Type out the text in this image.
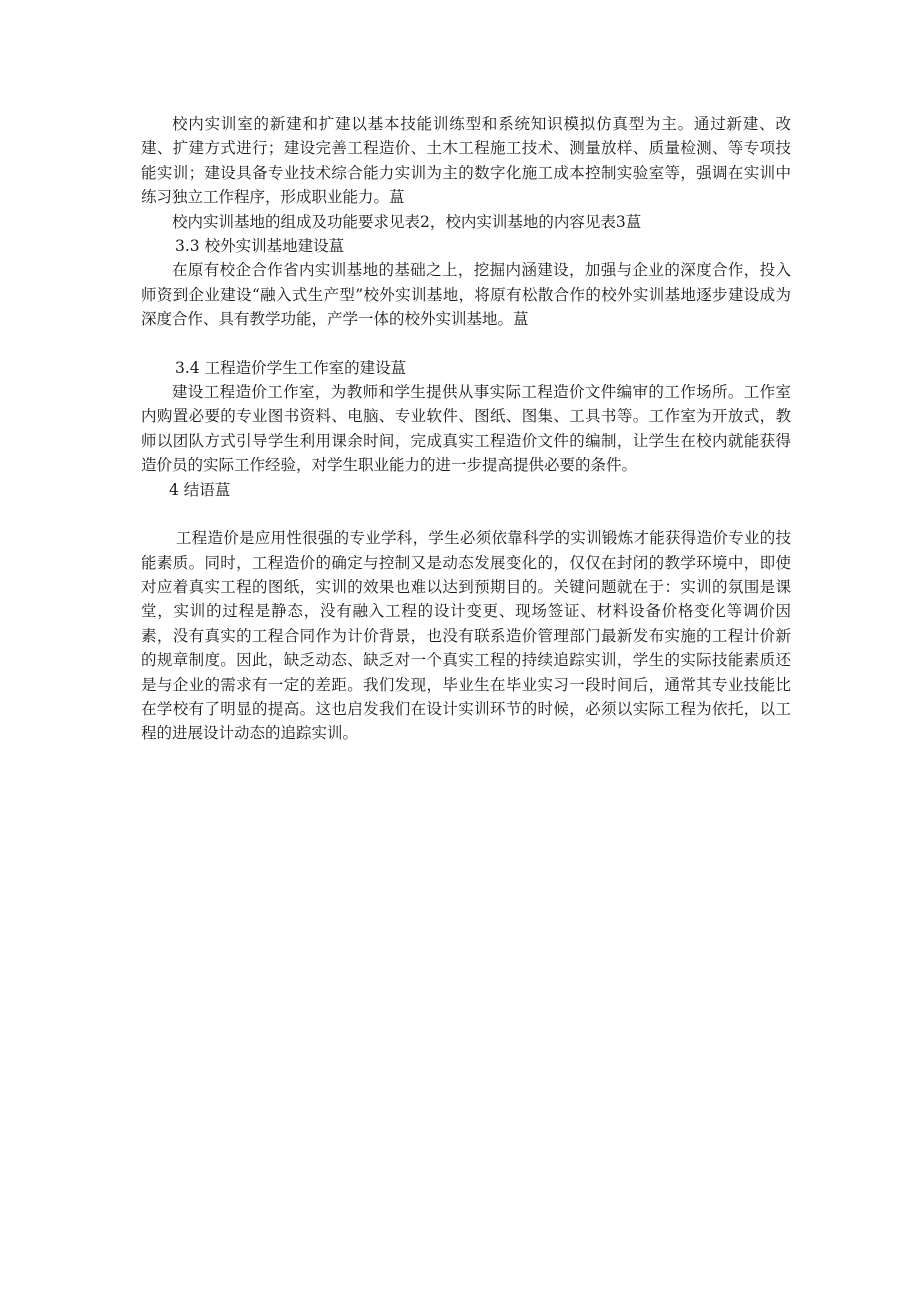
校内实训室的新建和扩建以基本技能训练型和系统知识模拟仿真型为主。通过新建、改建、扩建方式进行；建设完善工程造价、土木工程施工技术、测量放样、质量检测、等专项技能实训；建设具备专业技术综合能力实训为主的数字化施工成本控制实验室等，强调在实训中练习独立工作程序，形成职业能力。蒀

校内实训基地的组成及功能要求见表2，校内实训基地的内容见表3蒀

3.3 校外实训基地建设蒀

在原有校企合作省内实训基地的基础之上，挖掘内涵建设，加强与企业的深度合作，投入师资到企业建设“融入式生产型”校外实训基地，将原有松散合作的校外实训基地逐步建设成为深度合作、具有教学功能，产学一体的校外实训基地。蒀

3.4 工程造价学生工作室的建设蒀

建设工程造价工作室，为教师和学生提供从事实际工程造价文件编审的工作场所。工作室内购置必要的专业图书资料、电脑、专业软件、图纸、图集、工具书等。工作室为开放式，教师以团队方式引导学生利用课余时间，完成真实工程造价文件的编制，让学生在校内就能获得造价员的实际工作经验，对学生职业能力的进一步提高提供必要的条件。

4 结语蒀

工程造价是应用性很强的专业学科，学生必须依靠科学的实训锻炼才能获得造价专业的技能素质。同时，工程造价的确定与控制又是动态发展变化的，仅仅在封闭的教学环境中，即使对应着真实工程的图纸，实训的效果也难以达到预期目的。关键问题就在于：实训的氛围是课堂，实训的过程是静态，没有融入工程的设计变更、现场签证、材料设备价格变化等调价因素，没有真实的工程合同作为计价背景，也没有联系造价管理部门最新发布实施的工程计价新的规章制度。因此，缺乏动态、缺乏对一个真实工程的持续追踪实训，学生的实际技能素质还是与企业的需求有一定的差距。我们发现，毕业生在毕业实习一段时间后，通常其专业技能比在学校有了明显的提高。这也启发我们在设计实训环节的时候，必须以实际工程为依托，以工程的进展设计动态的追踪实训。
